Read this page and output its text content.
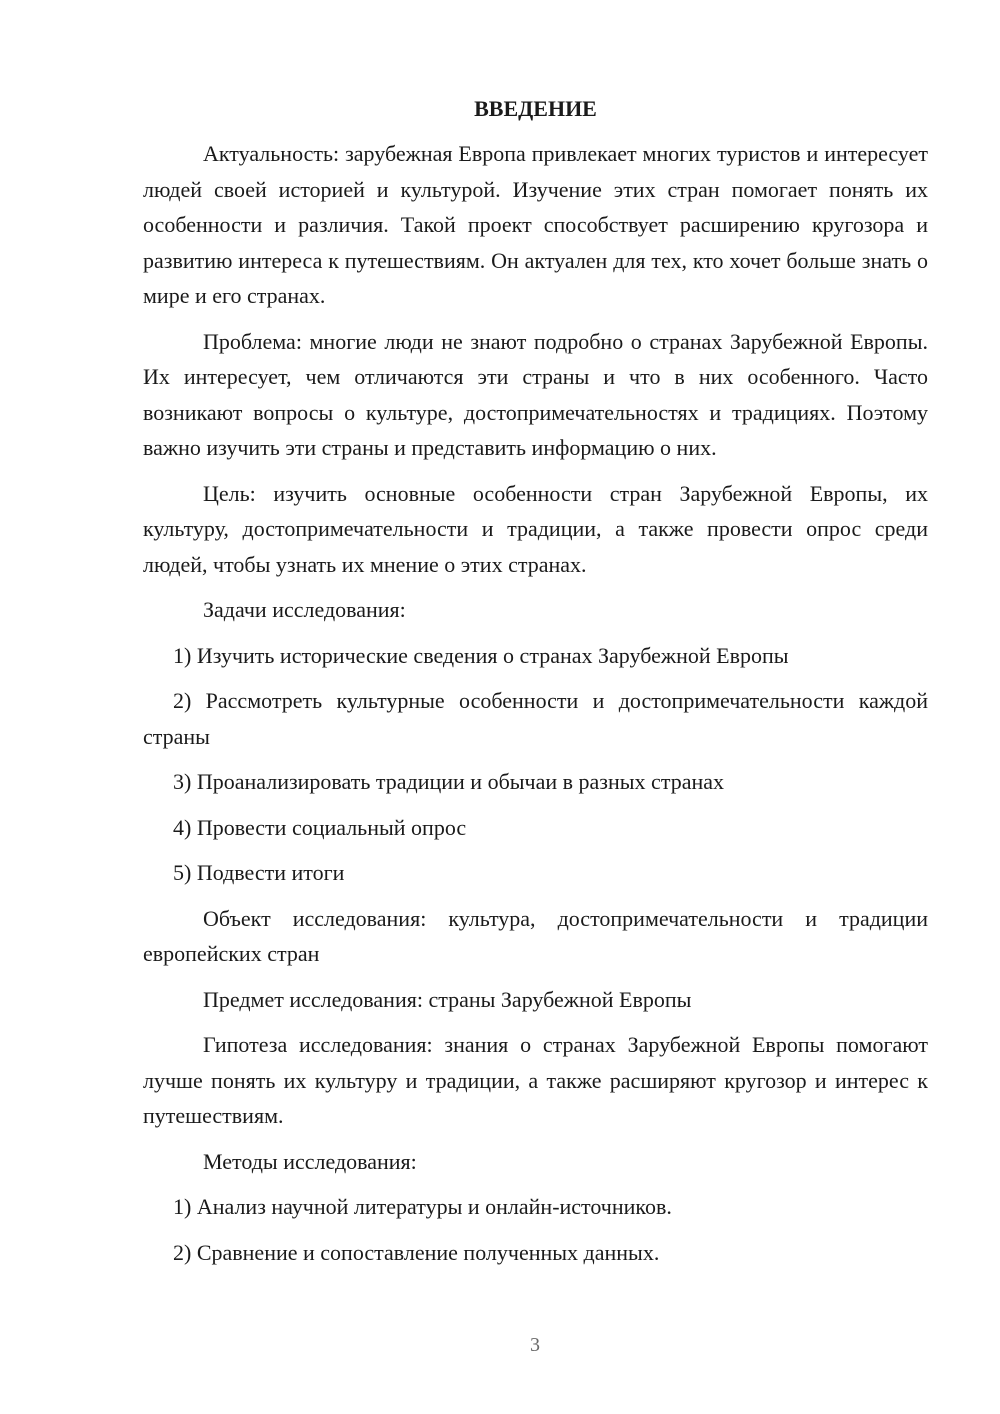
ВВЕДЕНИЕ
Актуальность: зарубежная Европа привлекает многих туристов и интересует людей своей историей и культурой. Изучение этих стран помогает понять их особенности и различия. Такой проект способствует расширению кругозора и развитию интереса к путешествиям. Он актуален для тех, кто хочет больше знать о мире и его странах.
Проблема: многие люди не знают подробно о странах Зарубежной Европы. Их интересует, чем отличаются эти страны и что в них особенного. Часто возникают вопросы о культуре, достопримечательностях и традициях. Поэтому важно изучить эти страны и представить информацию о них.
Цель: изучить основные особенности стран Зарубежной Европы, их культуру, достопримечательности и традиции, а также провести опрос среди людей, чтобы узнать их мнение о этих странах.
Задачи исследования:
1) Изучить исторические сведения о странах Зарубежной Европы
2) Рассмотреть культурные особенности и достопримечательности каждой страны
3) Проанализировать традиции и обычаи в разных странах
4) Провести социальный опрос
5) Подвести итоги
Объект исследования: культура, достопримечательности и традиции европейских стран
Предмет исследования: страны Зарубежной Европы
Гипотеза исследования: знания о странах Зарубежной Европы помогают лучше понять их культуру и традиции, а также расширяют кругозор и интерес к путешествиям.
Методы исследования:
1) Анализ научной литературы и онлайн-источников.
2) Сравнение и сопоставление полученных данных.
3
